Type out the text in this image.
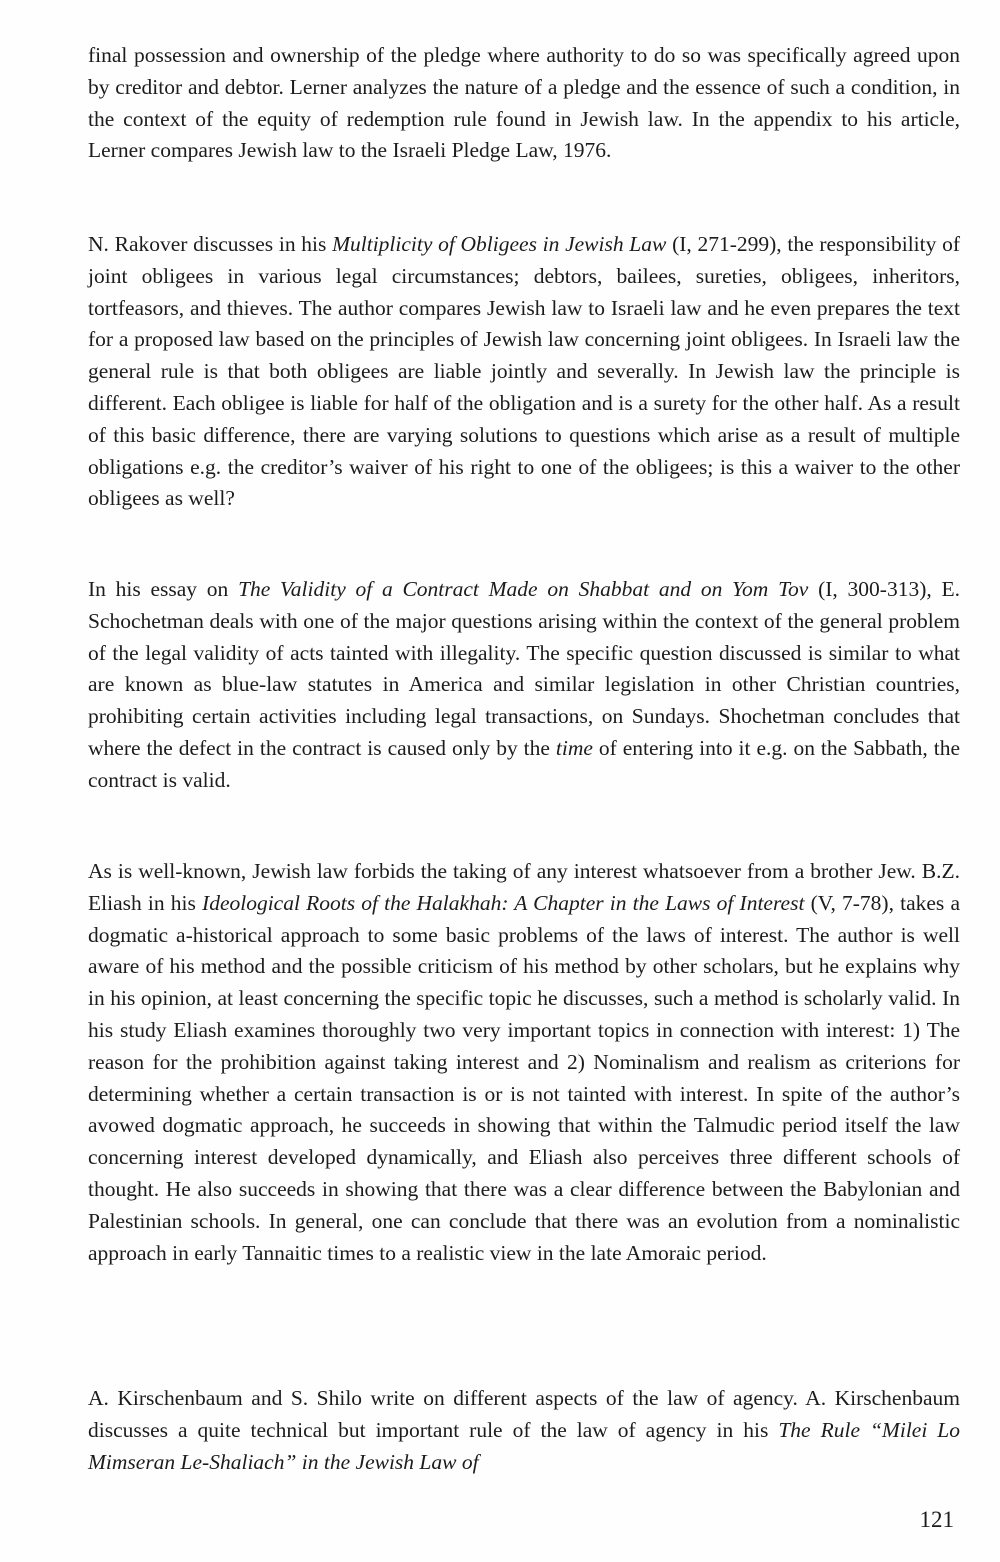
final possession and ownership of the pledge where authority to do so was specifically agreed upon by creditor and debtor. Lerner analyzes the nature of a pledge and the essence of such a condition, in the context of the equity of redemption rule found in Jewish law. In the appendix to his article, Lerner compares Jewish law to the Israeli Pledge Law, 1976.

N. Rakover discusses in his Multiplicity of Obligees in Jewish Law (I, 271-299), the responsibility of joint obligees in various legal circumstances; debtors, bailees, sureties, obligees, inheritors, tortfeasors, and thieves. The author compares Jewish law to Israeli law and he even prepares the text for a proposed law based on the principles of Jewish law concerning joint obligees. In Israeli law the general rule is that both obligees are liable jointly and severally. In Jewish law the principle is different. Each obligee is liable for half of the obligation and is a surety for the other half. As a result of this basic difference, there are varying solutions to questions which arise as a result of multiple obligations e.g. the creditor’s waiver of his right to one of the obligees; is this a waiver to the other obligees as well?

In his essay on The Validity of a Contract Made on Shabbat and on Yom Tov (I, 300-313), E. Schochetman deals with one of the major questions arising within the context of the general problem of the legal validity of acts tainted with illegality. The specific question discussed is similar to what are known as blue-law statutes in America and similar legislation in other Christian countries, prohibiting certain activities including legal transactions, on Sundays. Shochetman concludes that where the defect in the contract is caused only by the time of entering into it e.g. on the Sabbath, the contract is valid.

As is well-known, Jewish law forbids the taking of any interest whatsoever from a brother Jew. B.Z. Eliash in his Ideological Roots of the Halakhah: A Chapter in the Laws of Interest (V, 7-78), takes a dogmatic a-historical approach to some basic problems of the laws of interest. The author is well aware of his method and the possible criticism of his method by other scholars, but he explains why in his opinion, at least concerning the specific topic he discusses, such a method is scholarly valid. In his study Eliash examines thoroughly two very important topics in connection with interest: 1) The reason for the prohibition against taking interest and 2) Nominalism and realism as criterions for determining whether a certain transaction is or is not tainted with interest. In spite of the author’s avowed dogmatic approach, he succeeds in showing that within the Talmudic period itself the law concerning interest developed dynamically, and Eliash also perceives three different schools of thought. He also succeeds in showing that there was a clear difference between the Babylonian and Palestinian schools. In general, one can conclude that there was an evolution from a nominalistic approach in early Tannaitic times to a realistic view in the late Amoraic period.

A. Kirschenbaum and S. Shilo write on different aspects of the law of agency. A. Kirschenbaum discusses a quite technical but important rule of the law of agency in his The Rule “Milei Lo Mimseran Le-Shaliach” in the Jewish Law of

121
